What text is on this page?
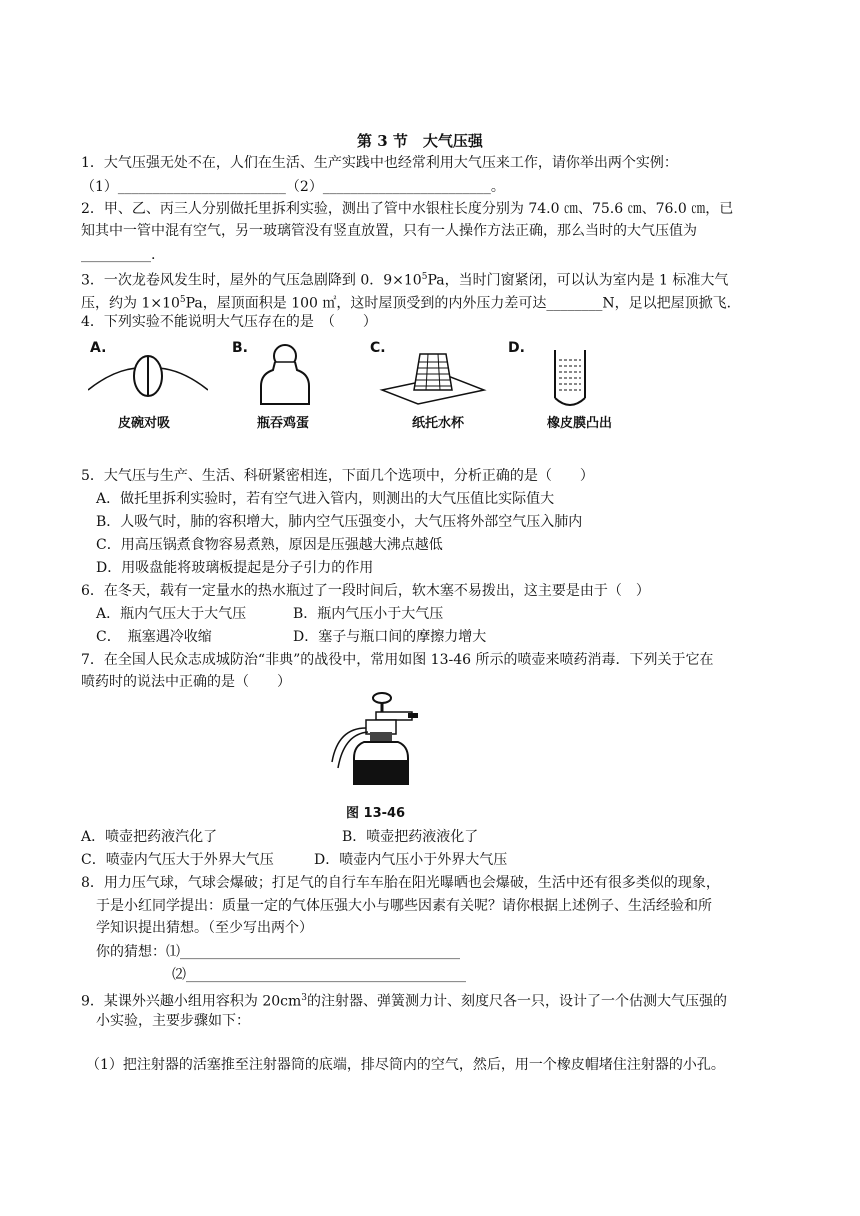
第 3 节　大气压强
1．大气压强无处不在，人们在生活、生产实践中也经常利用大气压来工作，请你举出两个实例：
（1）________________________（2）________________________。
2．甲、乙、丙三人分别做托里拆利实验，测出了管中水银柱长度分别为 74.0 ㎝、75.6 ㎝、76.0 ㎝，已
知其中一管中混有空气，另一玻璃管没有竖直放置，只有一人操作方法正确，那么当时的大气压值为
__________.
3．一次龙卷风发生时，屋外的气压急剧降到 0．$9\times 10^5Pa$，当时门窗紧闭，可以认为室内是 1 标准大气
压，约为 $1\times 10^5Pa$，屋顶面积是 100 ㎡，这时屋顶受到的内外压力差可达________N，足以把屋顶掀飞．
4．下列实验不能说明大气压存在的是　（　　）
A.
皮碗对吸
B.
瓶吞鸡蛋
C.
纸托水杯
D.
橡皮膜凸出
5．大气压与生产、生活、科研紧密相连，下面几个选项中，分析正确的是（　　）
A．做托里拆利实验时，若有空气进入管内，则测出的大气压值比实际值大
B．人吸气时，肺的容积增大，肺内空气压强变小，大气压将外部空气压入肺内
C．用高压锅煮食物容易煮熟，原因是压强越大沸点越低
D．用吸盘能将玻璃板提起是分子引力的作用
6．在冬天，载有一定量水的热水瓶过了一段时间后，软木塞不易拨出，这主要是由于（　）
A．瓶内气压大于大气压	B．瓶内气压小于大气压
C．　瓶塞遇冷收缩	D．塞子与瓶口间的摩擦力增大
7．在全国人民众志成城防治“非典”的战役中，常用如图 13-46 所示的喷壶来喷药消毒．下列关于它在
喷药时的说法中正确的是（　　）
图 13-46
A．喷壶把药液汽化了	B．喷壶把药液液化了
C．喷壶内气压大于外界大气压	D．喷壶内气压小于外界大气压
8．用力压气球，气球会爆破；打足气的自行车车胎在阳光曝晒也会爆破，生活中还有很多类似的现象，
于是小红同学提出：质量一定的气体压强大小与哪些因素有关呢？请你根据上述例子、生活经验和所
学知识提出猜想。（至少写出两个）
你的猜想：⑴________________________________________
⑵________________________________________
9．某课外兴趣小组用容积为 $20cm^3$的注射器、弹簧测力计、刻度尺各一只，设计了一个估测大气压强的
小实验，主要步骤如下：
（1）把注射器的活塞推至注射器筒的底端，排尽筒内的空气，然后，用一个橡皮帽堵住注射器的小孔。
